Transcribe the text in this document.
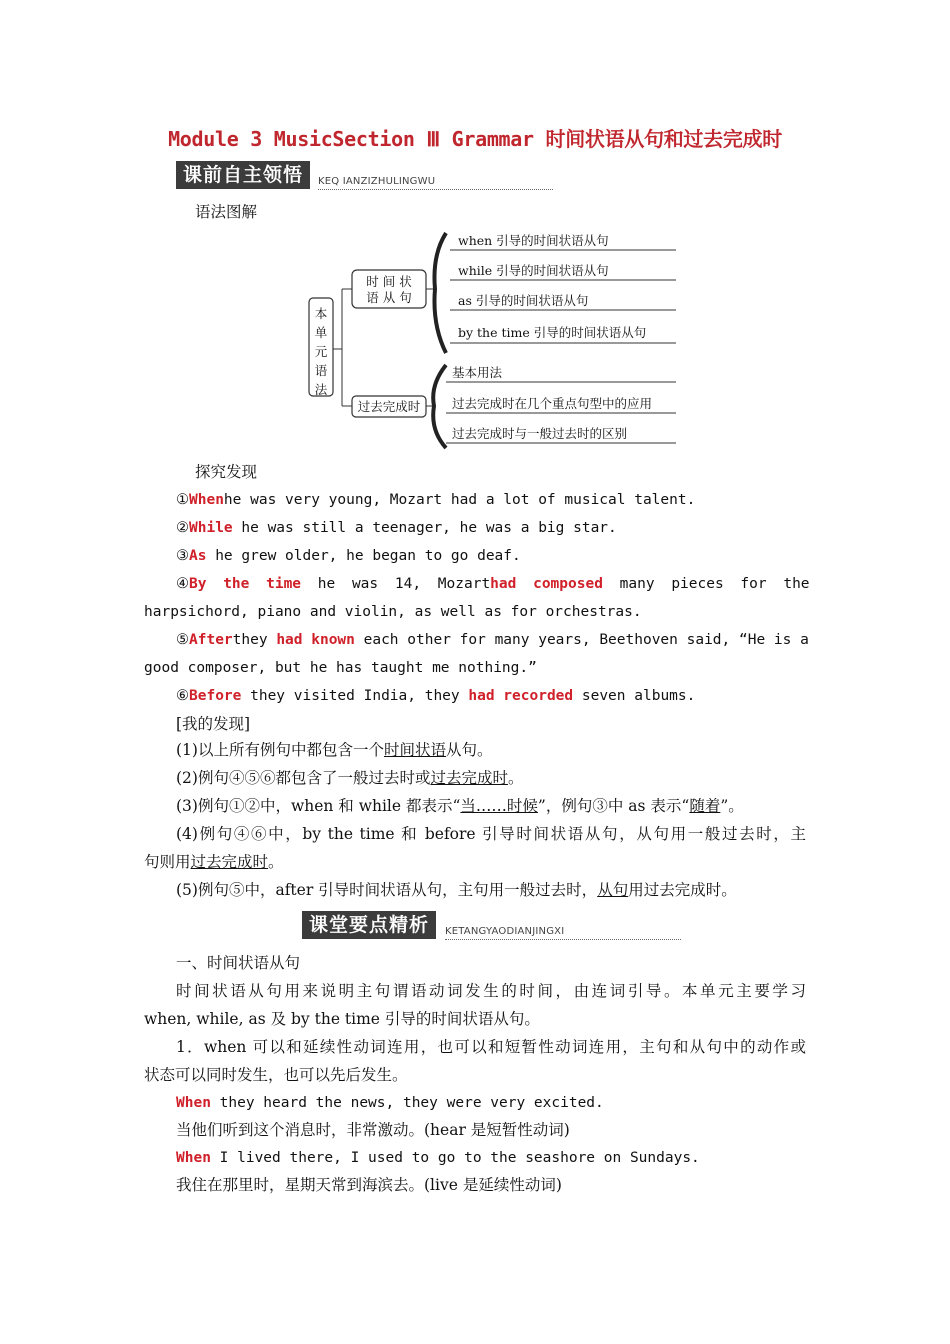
Module 3 MusicSection Ⅲ Grammar 时间状语从句和过去完成时
课前自主领悟	KEQ IANZIZHULINGWU
语法图解
本
单
元
语
法
时 间 状
语 从 句
when 引导的时间状语从句
while 引导的时间状语从句
as 引导的时间状语从句
by the time 引导的时间状语从句
过去完成时
基本用法
过去完成时在几个重点句型中的应用
过去完成时与一般过去时的区别
探究发现
①Whenhe was very young, Mozart had a lot of musical talent.
②While he was still a teenager, he was a big star.
③As he grew older, he began to go deaf.
④By the time he was 14, Mozarthad composed many pieces for the
harpsichord, piano and violin, as well as for orchestras.
⑤Afterthey had known each other for many years, Beethoven said, “He is a
good composer, but he has taught me nothing.”
⑥Before they visited India, they had recorded seven albums.
[我的发现]
(1)以上所有例句中都包含一个时间状语从句。
(2)例句④⑤⑥都包含了一般过去时或过去完成时。
(3)例句①②中，when 和 while 都表示“当……时候”，例句③中 as 表示“随着”。
(4)例句④⑥中，by the time 和 before 引导时间状语从句，从句用一般过去时，主
句则用过去完成时。
(5)例句⑤中，after 引导时间状语从句，主句用一般过去时，从句用过去完成时。
课堂要点精析	KETANGYAODIANJINGXI
一、时间状语从句
时间状语从句用来说明主句谓语动词发生的时间，由连词引导。本单元主要学习
when, while, as 及 by the time 引导的时间状语从句。
1．when 可以和延续性动词连用，也可以和短暂性动词连用，主句和从句中的动作或
状态可以同时发生，也可以先后发生。
When they heard the news, they were very excited.
当他们听到这个消息时，非常激动。(hear 是短暂性动词)
When I lived there, I used to go to the seashore on Sundays.
我住在那里时，星期天常到海滨去。(live 是延续性动词)
